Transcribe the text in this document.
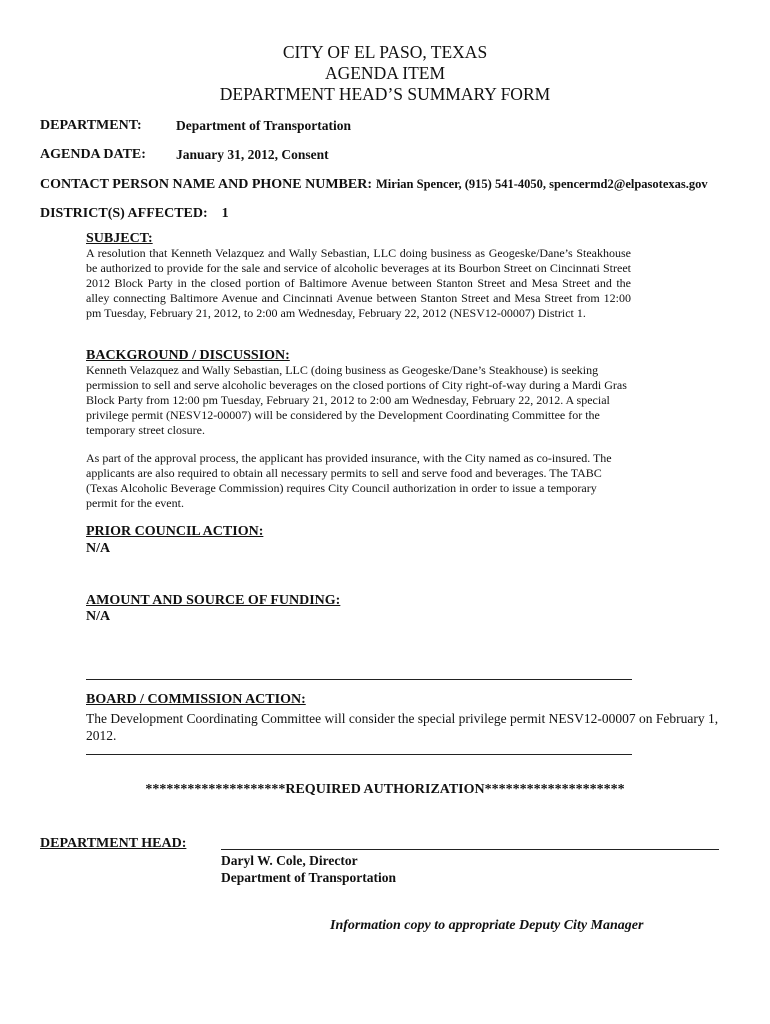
CITY OF EL PASO, TEXAS
AGENDA ITEM
DEPARTMENT HEAD’S SUMMARY FORM
DEPARTMENT:	Department of Transportation
AGENDA DATE: January 31, 2012, Consent
CONTACT PERSON NAME AND PHONE NUMBER: Mirian Spencer, (915) 541-4050, spencermd2@elpasotexas.gov
DISTRICT(S) AFFECTED: 1
SUBJECT:
A resolution that Kenneth Velazquez and Wally Sebastian, LLC doing business as Geogeske/Dane’s Steakhouse be authorized to provide for the sale and service of alcoholic beverages at its Bourbon Street on Cincinnati Street 2012 Block Party in the closed portion of Baltimore Avenue between Stanton Street and Mesa Street and the alley connecting Baltimore Avenue and Cincinnati Avenue between Stanton Street and Mesa Street from 12:00 pm Tuesday, February 21, 2012, to 2:00 am Wednesday, February 22, 2012 (NESV12-00007) District 1.
BACKGROUND / DISCUSSION:
Kenneth Velazquez and Wally Sebastian, LLC (doing business as Geogeske/Dane’s Steakhouse) is seeking permission to sell and serve alcoholic beverages on the closed portions of City right-of-way during a Mardi Gras Block Party from 12:00 pm Tuesday, February 21, 2012 to 2:00 am Wednesday, February 22, 2012. A special privilege permit (NESV12-00007) will be considered by the Development Coordinating Committee for the temporary street closure.
As part of the approval process, the applicant has provided insurance, with the City named as co-insured. The applicants are also required to obtain all necessary permits to sell and serve food and beverages. The TABC (Texas Alcoholic Beverage Commission) requires City Council authorization in order to issue a temporary permit for the event.
PRIOR COUNCIL ACTION:
N/A
AMOUNT AND SOURCE OF FUNDING:
N/A
BOARD / COMMISSION ACTION:
The Development Coordinating Committee will consider the special privilege permit NESV12-00007 on February 1, 2012.
********************REQUIRED AUTHORIZATION********************
DEPARTMENT HEAD:
Daryl W. Cole, Director
Department of Transportation
Information copy to appropriate Deputy City Manager
